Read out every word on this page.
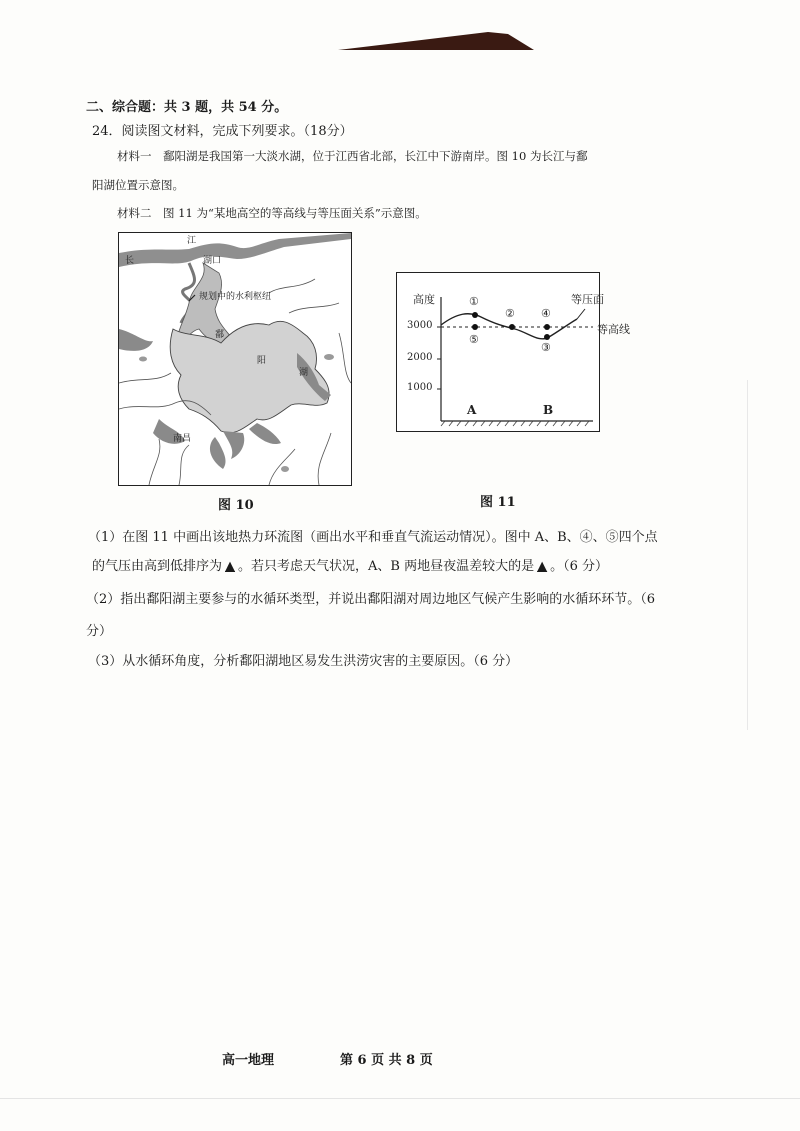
二、综合题：共 3 题，共 54 分。
24．阅读图文材料，完成下列要求。（18分）
材料一　鄱阳湖是我国第一大淡水湖，位于江西省北部，长江中下游南岸。图 10 为长江与鄱
阳湖位置示意图。
材料二　图 11 为“某地高空的等高线与等压面关系”示意图。
江
长	湖口
规划中的水利枢纽
鄱
阳
湖
南昌
图 10
高度
3000
2000
1000
等压面
等高线
A	B
①
②
③
④
⑤
图 11
（1）在图 11 中画出该地热力环流图（画出水平和垂直气流运动情况）。图中 A、B、④、⑤四个点
的气压由高到低排序为 ▲ 。若只考虑天气状况，A、B 两地昼夜温差较大的是 ▲ 。（6 分）
（2）指出鄱阳湖主要参与的水循环类型，并说出鄱阳湖对周边地区气候产生影响的水循环环节。（6
分）
（3）从水循环角度，分析鄱阳湖地区易发生洪涝灾害的主要原因。（6 分）
高一地理	第 6 页 共 8 页
